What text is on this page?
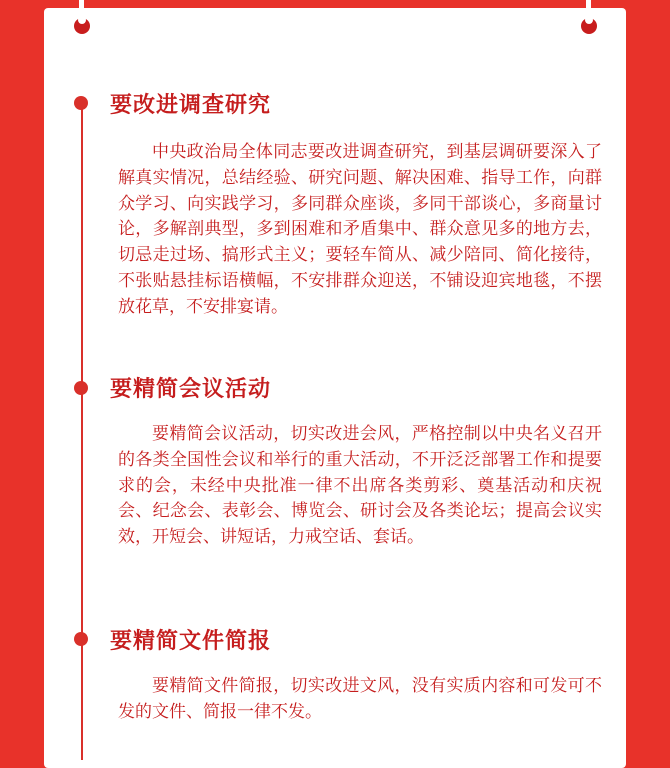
要改进调查研究
中央政治局全体同志要改进调查研究，到基层调研要深入了解真实情况，总结经验、研究问题、解决困难、指导工作，向群众学习、向实践学习，多同群众座谈，多同干部谈心，多商量讨论，多解剖典型，多到困难和矛盾集中、群众意见多的地方去，切忌走过场、搞形式主义；要轻车简从、减少陪同、简化接待，不张贴悬挂标语横幅，不安排群众迎送，不铺设迎宾地毯，不摆放花草，不安排宴请。
要精简会议活动
要精简会议活动，切实改进会风，严格控制以中央名义召开的各类全国性会议和举行的重大活动，不开泛泛部署工作和提要求的会，未经中央批准一律不出席各类剪彩、奠基活动和庆祝会、纪念会、表彰会、博览会、研讨会及各类论坛；提高会议实效，开短会、讲短话，力戒空话、套话。
要精简文件简报
要精简文件简报，切实改进文风，没有实质内容和可发可不发的文件、简报一律不发。
